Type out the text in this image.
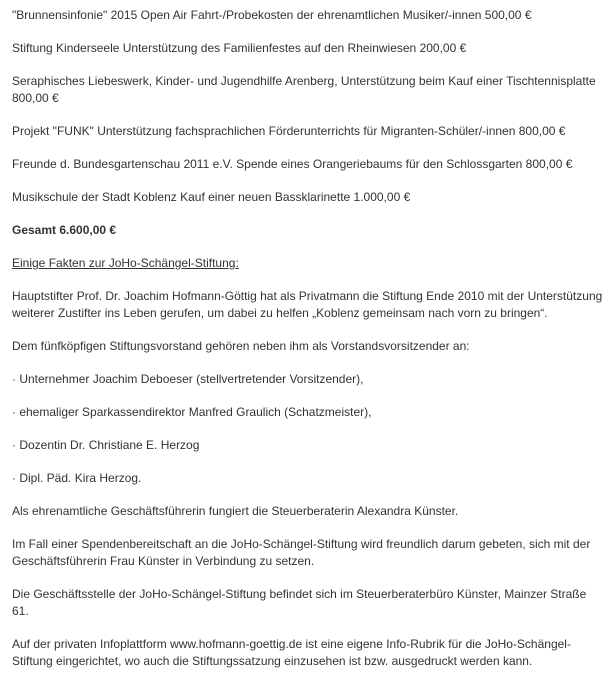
"Brunnensinfonie" 2015 Open Air Fahrt-/Probekosten der ehrenamtlichen Musiker/-innen 500,00 €

Stiftung Kinderseele Unterstützung des Familienfestes auf den Rheinwiesen 200,00 €

Seraphisches Liebeswerk, Kinder- und Jugendhilfe Arenberg, Unterstützung beim Kauf einer Tischtennisplatte 800,00 €

Projekt "FUNK" Unterstützung fachsprachlichen Förderunterrichts für Migranten-Schüler/-innen 800,00 €

Freunde d. Bundesgartenschau 2011 e.V. Spende eines Orangeriebaums für den Schlossgarten 800,00 €

Musikschule der Stadt Koblenz Kauf einer neuen Bassklarinette 1.000,00 €

Gesamt 6.600,00 €

Einige Fakten zur JoHo-Schängel-Stiftung:

Hauptstifter Prof. Dr. Joachim Hofmann-Göttig hat als Privatmann die Stiftung Ende 2010 mit der Unterstützung weiterer Zustifter ins Leben gerufen, um dabei zu helfen „Koblenz gemeinsam nach vorn zu bringen“.

Dem fünfköpfigen Stiftungsvorstand gehören neben ihm als Vorstandsvorsitzender an:

· Unternehmer Joachim Deboeser (stellvertretender Vorsitzender),

· ehemaliger Sparkassendirektor Manfred Graulich (Schatzmeister),

· Dozentin Dr. Christiane E. Herzog

· Dipl. Päd. Kira Herzog.

Als ehrenamtliche Geschäftsführerin fungiert die Steuerberaterin Alexandra Künster.

Im Fall einer Spendenbereitschaft an die JoHo-Schängel-Stiftung wird freundlich darum gebeten, sich mit der Geschäftsführerin Frau Künster in Verbindung zu setzen.

Die Geschäftsstelle der JoHo-Schängel-Stiftung befindet sich im Steuerberaterbüro Künster, Mainzer Straße 61.

Auf der privaten Infoplattform www.hofmann-goettig.de ist eine eigene Info-Rubrik für die JoHo-Schängel-Stiftung eingerichtet, wo auch die Stiftungssatzung einzusehen ist bzw. ausgedruckt werden kann.
